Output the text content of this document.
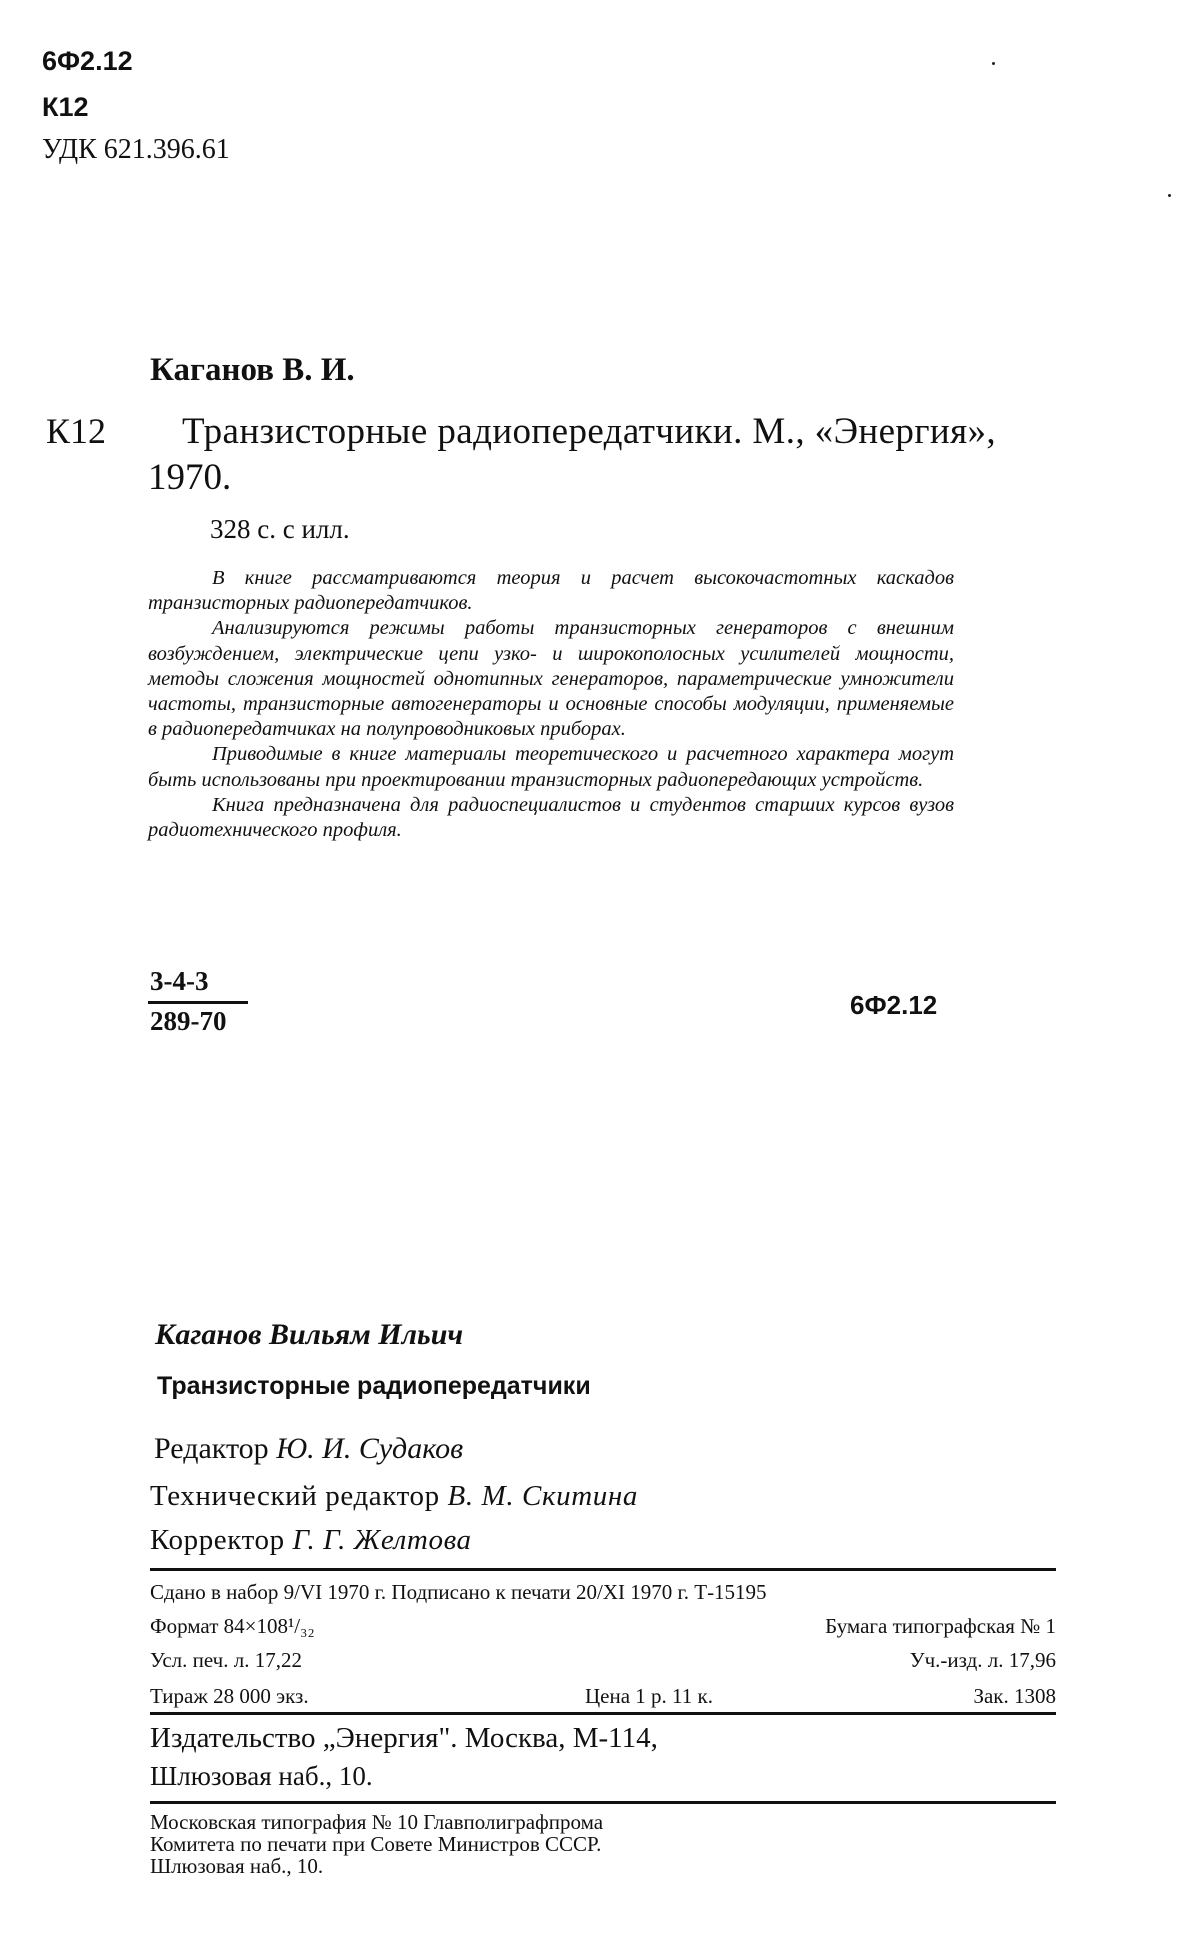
6Ф2.12
К12
УДК 621.396.61
Каганов В. И.
К12 Транзисторные радиопередатчики. М., «Энергия»,
1970.
328 с. с илл.

В книге рассматриваются теория и расчет высокочастотных каскадов транзисторных радиопередатчиков.

Анализируются режимы работы транзисторных генераторов с внешним возбуждением, электрические цепи узко- и широкополосных усилителей мощности, методы сложения мощностей однотипных генераторов, параметрические умножители частоты, транзисторные автогенераторы и основные способы модуляции, применяемые в радиопередатчиках на полупроводниковых приборах.

Приводимые в книге материалы теоретического и расчетного характера могут быть использованы при проектировании транзисторных радиопередающих устройств.

Книга предназначена для радиоспециалистов и студентов старших курсов вузов радиотехнического профиля.

3-4-3
289-70
6Ф2.12
Каганов Вильям Ильич
Транзисторные радиопередатчики
Редактор Ю. И. Судаков
Технический редактор В. М. Скитина
Корректор Г. Г. Желтова
Сдано в набор 9/VI 1970 г. Подписано к печати 20/XI 1970 г. Т-15195
Формат 84×108¹/₃₂	Бумага типографская № 1
Усл. печ. л. 17,22	Уч.-изд. л. 17,96
Тираж 28 000 экз.	Цена 1 р. 11 к.	Зак. 1308
Издательство „Энергия". Москва, М-114,
Шлюзовая наб., 10.
Московская типография № 10 Главполиграфпрома
Комитета по печати при Совете Министров СССР.
Шлюзовая наб., 10.
